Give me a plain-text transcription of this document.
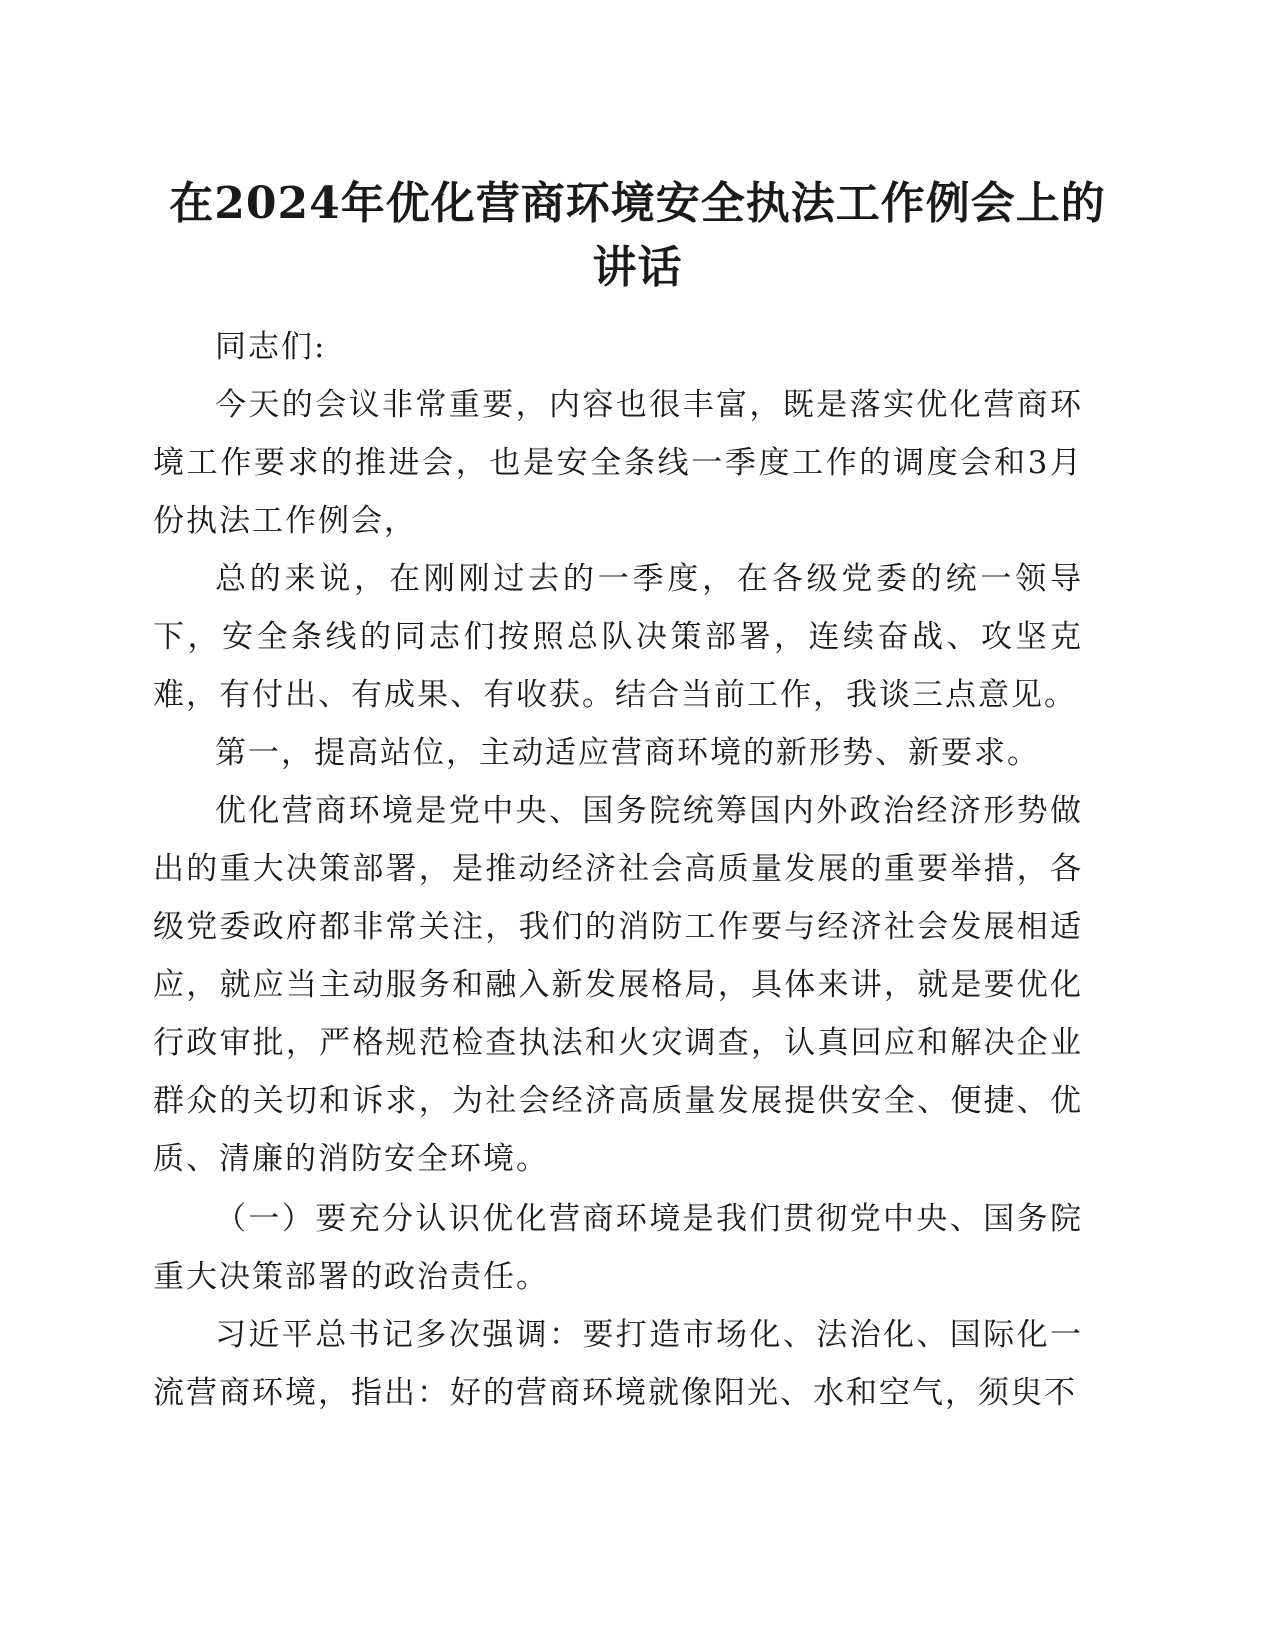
在2024年优化营商环境安全执法工作例会上的
讲话

同志们:

今天的会议非常重要，内容也很丰富，既是落实优化营商环境工作要求的推进会，也是安全条线一季度工作的调度会和3月份执法工作例会，

总的来说，在刚刚过去的一季度，在各级党委的统一领导下，安全条线的同志们按照总队决策部署，连续奋战、攻坚克难，有付出、有成果、有收获。结合当前工作，我谈三点意见。

第一，提高站位，主动适应营商环境的新形势、新要求。

优化营商环境是党中央、国务院统筹国内外政治经济形势做出的重大决策部署，是推动经济社会高质量发展的重要举措，各级党委政府都非常关注，我们的消防工作要与经济社会发展相适应，就应当主动服务和融入新发展格局，具体来讲，就是要优化行政审批，严格规范检查执法和火灾调查，认真回应和解决企业群众的关切和诉求，为社会经济高质量发展提供安全、便捷、优质、清廉的消防安全环境。

（一）要充分认识优化营商环境是我们贯彻党中央、国务院重大决策部署的政治责任。

习近平总书记多次强调：要打造市场化、法治化、国际化一流营商环境，指出：好的营商环境就像阳光、水和空气，须臾不
